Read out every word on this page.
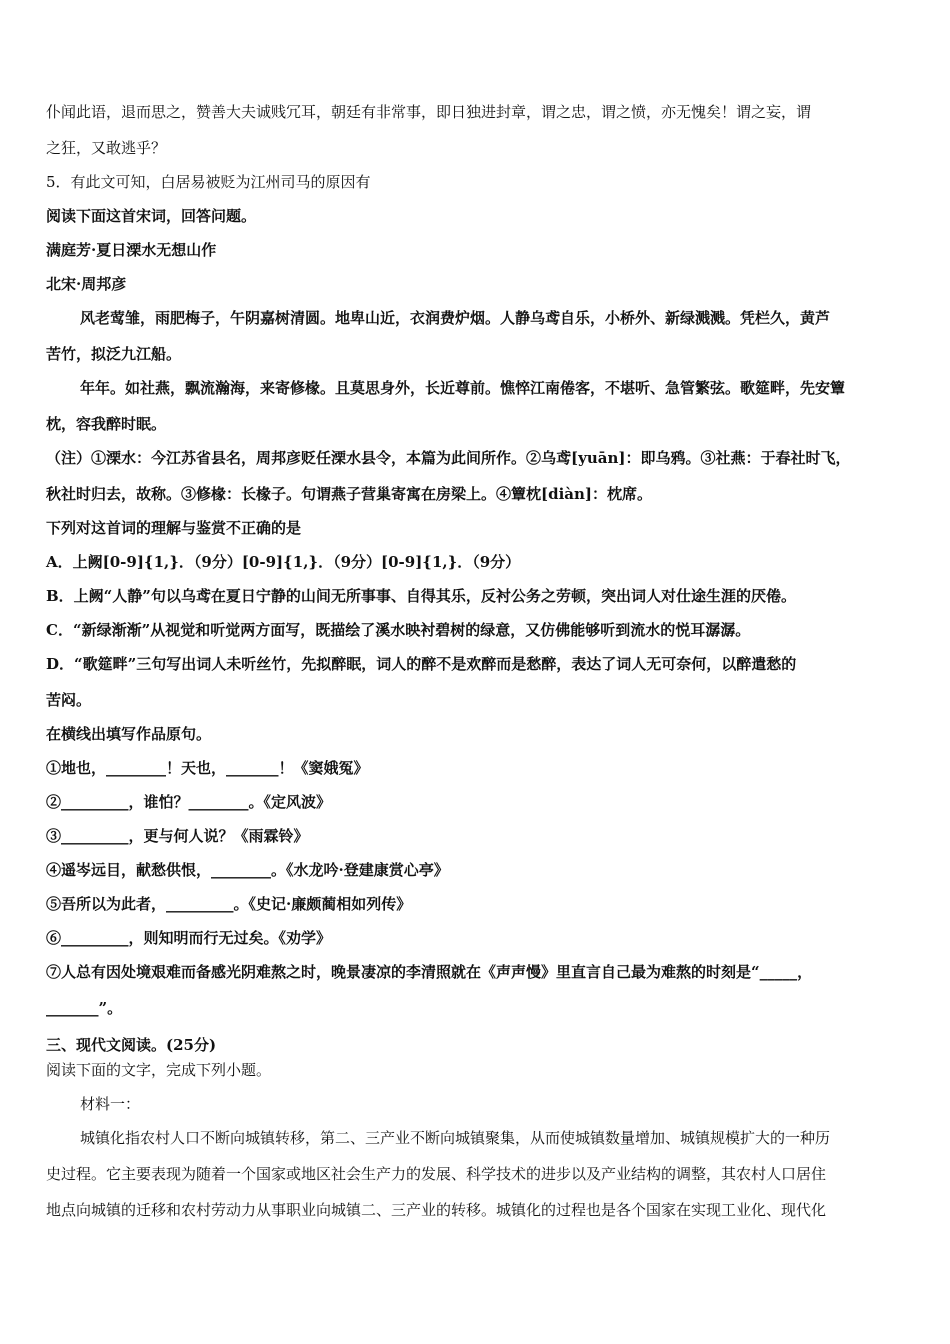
仆闻此语，退而思之，赞善大夫诚贱冗耳，朝廷有非常事，即日独进封章，谓之忠，谓之愤，亦无愧矣！谓之妄，谓
之狂，又敢逃乎？
5．有此文可知，白居易被贬为江州司马的原因有
阅读下面这首宋词，回答问题。
满庭芳·夏日溧水无想山作
北宋·周邦彦
风老莺雏，雨肥梅子，午阴嘉树清圆。地卑山近，衣润费炉烟。人静乌鸢自乐，小桥外、新绿溅溅。凭栏久，黄芦
苦竹，拟泛九江船。
年年。如社燕，飘流瀚海，来寄修椽。且莫思身外，长近尊前。憔悴江南倦客，不堪听、急管繁弦。歌筵畔，先安簟
枕，容我醉时眠。
（注）①溧水：今江苏省县名，周邦彦贬任溧水县令，本篇为此间所作。②乌鸢[yuān]：即乌鸦。③社燕：于春社时飞，
秋社时归去，故称。③修椽：长椽子。句谓燕子营巢寄寓在房梁上。④簟枕[diàn]：枕席。
下列对这首词的理解与鉴赏不正确的是
A．上阙[0-9]{1,}．（9分）[0-9]{1,}．（9分）[0-9]{1,}．（9分）
B．上阙“人静”句以乌鸢在夏日宁静的山间无所事事、自得其乐，反衬公务之劳顿，突出词人对仕途生涯的厌倦。
C．“新绿渐渐”从视觉和听觉两方面写，既描绘了溪水映衬碧树的绿意，又仿佛能够听到流水的悦耳潺潺。
D．“歌筵畔”三句写出词人未听丝竹，先拟醉眠，词人的醉不是欢醉而是愁醉，表达了词人无可奈何，以醉遣愁的
苦闷。
在横线出填写作品原句。
①地也，________！天也，_______！《窦娥冤》
②_________，谁怕？________。《定风波》
③_________，更与何人说？《雨霖铃》
④遥岑远目，献愁供恨，________。《水龙吟·登建康赏心亭》
⑤吾所以为此者，_________。《史记·廉颇蔺相如列传》
⑥_________，则知明而行无过矣。《劝学》
⑦人总有因处境艰难而备感光阴难熬之时，晚景凄凉的李清照就在《声声慢》里直言自己最为难熬的时刻是“_____，
_______”。
三、现代文阅读。(25分)
阅读下面的文字，完成下列小题。
材料一：
城镇化指农村人口不断向城镇转移，第二、三产业不断向城镇聚集，从而使城镇数量增加、城镇规模扩大的一种历
史过程。它主要表现为随着一个国家或地区社会生产力的发展、科学技术的进步以及产业结构的调整，其农村人口居住
地点向城镇的迁移和农村劳动力从事职业向城镇二、三产业的转移。城镇化的过程也是各个国家在实现工业化、现代化
